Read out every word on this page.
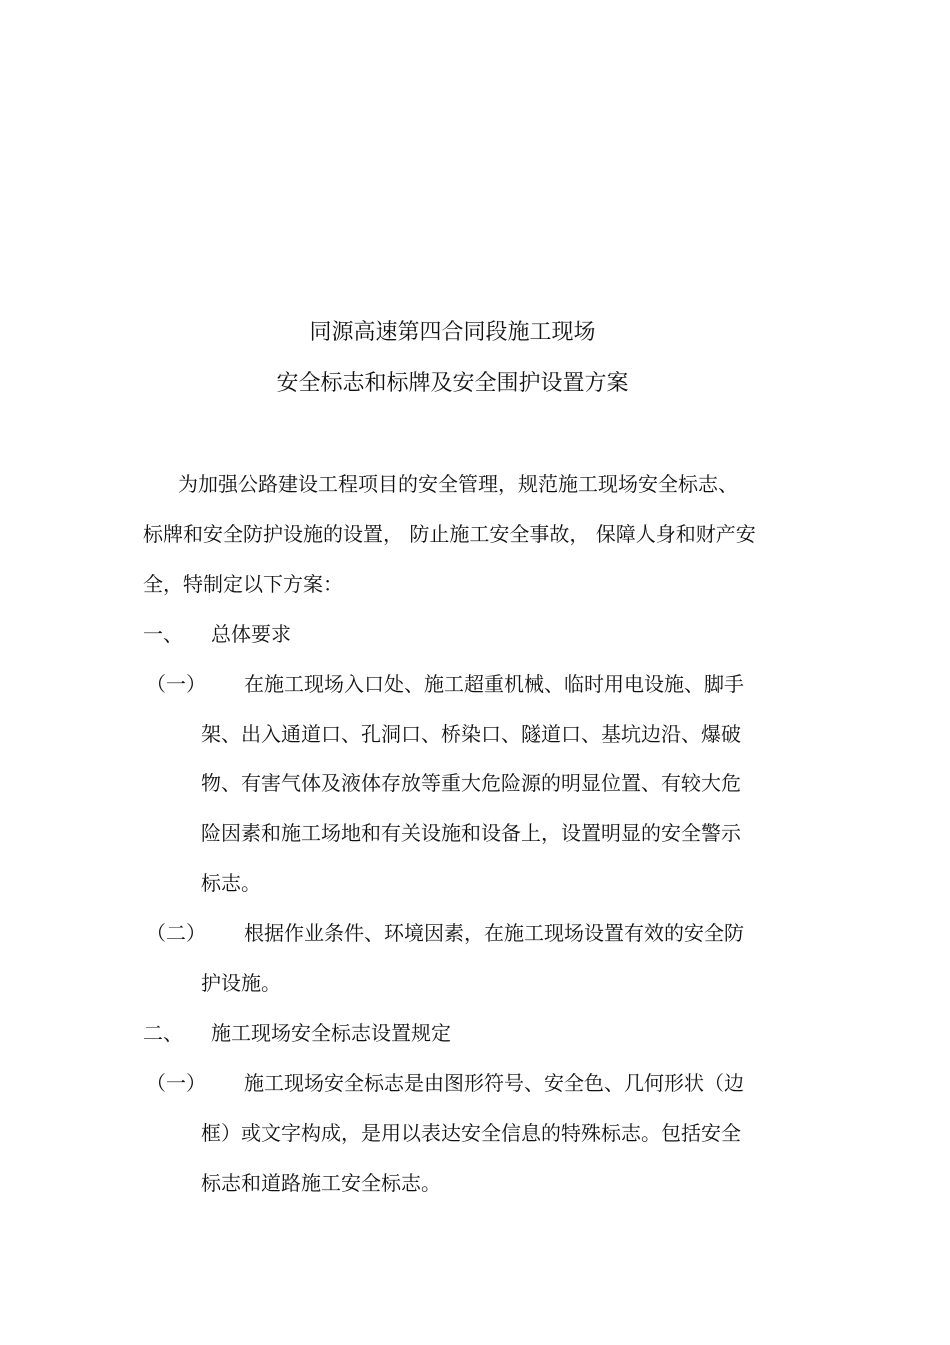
同源高速第四合同段施工现场
安全标志和标牌及安全围护设置方案
为加强公路建设工程项目的安全管理，规范施工现场安全标志、
标牌和安全防护设施的设置， 防止施工安全事故， 保障人身和财产安
全，特制定以下方案：
一、 总体要求
（一） 在施工现场入口处、施工超重机械、临时用电设施、脚手
架、出入通道口、孔洞口、桥染口、隧道口、基坑边沿、爆破
物、有害气体及液体存放等重大危险源的明显位置、有较大危
险因素和施工场地和有关设施和设备上，设置明显的安全警示
标志。
（二） 根据作业条件、环境因素，在施工现场设置有效的安全防
护设施。
二、 施工现场安全标志设置规定
（一） 施工现场安全标志是由图形符号、安全色、几何形状（边
框）或文字构成，是用以表达安全信息的特殊标志。包括安全
标志和道路施工安全标志。
